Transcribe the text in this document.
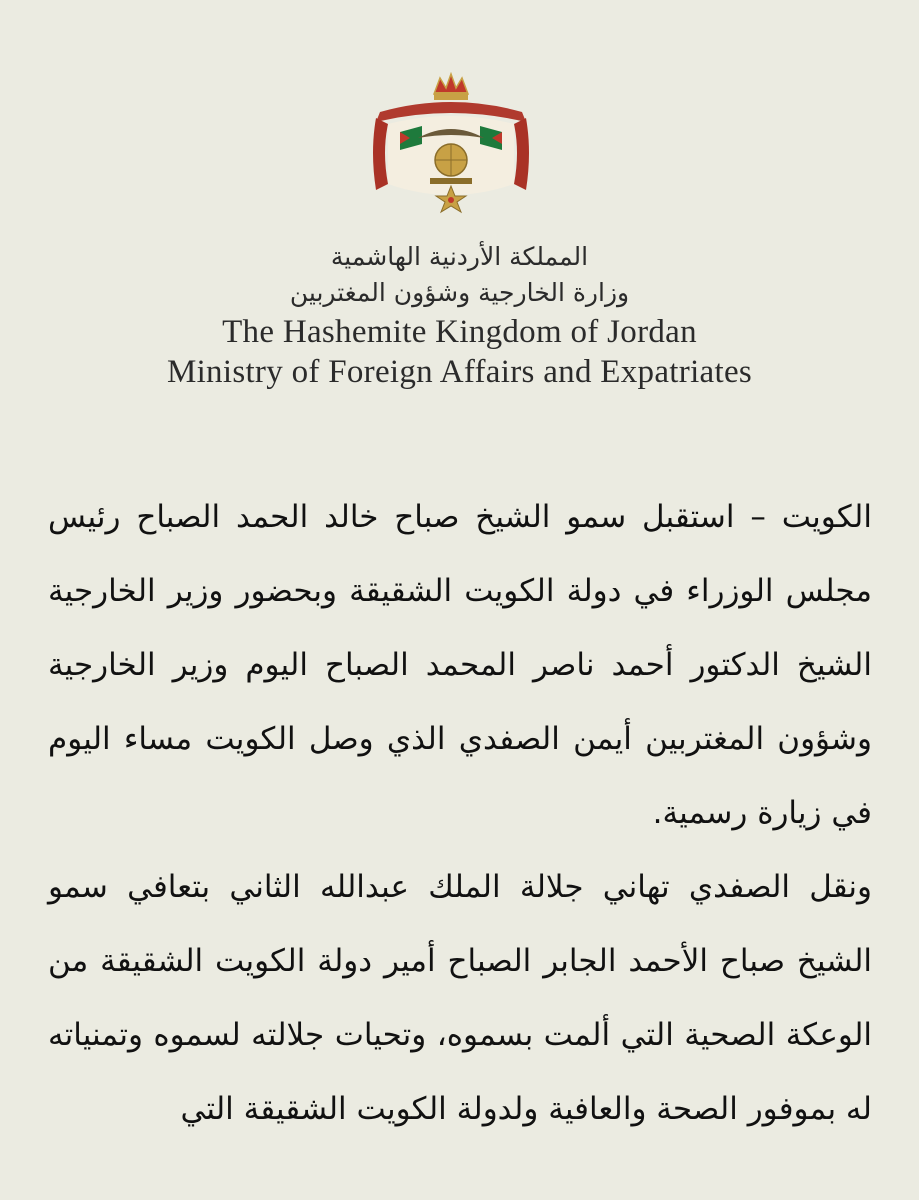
المملكة الأردنية الهاشمية
وزارة الخارجية وشؤون المغتربين
The Hashemite Kingdom of Jordan
Ministry of Foreign Affairs and Expatriates

الكويت – استقبل سمو الشيخ صباح خالد الحمد الصباح رئيس مجلس الوزراء في دولة الكويت الشقيقة وبحضور وزير الخارجية الشيخ الدكتور أحمد ناصر المحمد الصباح اليوم وزير الخارجية وشؤون المغتربين أيمن الصفدي الذي وصل الكويت مساء اليوم في زيارة رسمية.

ونقل الصفدي تهاني جلالة الملك عبدالله الثاني بتعافي سمو الشيخ صباح الأحمد الجابر الصباح أمير دولة الكويت الشقيقة من الوعكة الصحية التي ألمت بسموه، وتحيات جلالته لسموه وتمنياته له بموفور الصحة والعافية ولدولة الكويت الشقيقة التي
